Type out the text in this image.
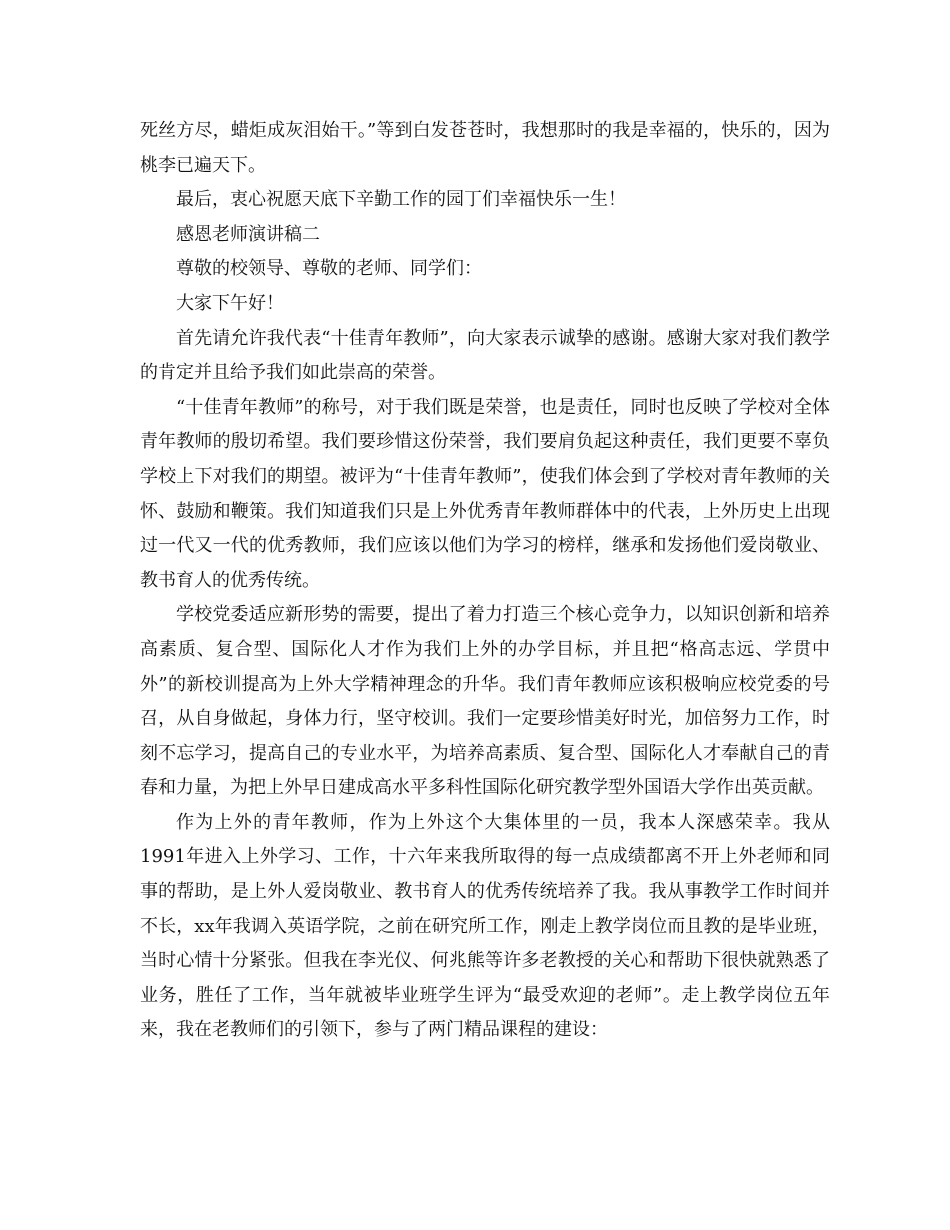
死丝方尽，蜡炬成灰泪始干。”等到白发苍苍时，我想那时的我是幸福的，快乐的，因为桃李已遍天下。

最后，衷心祝愿天底下辛勤工作的园丁们幸福快乐一生！

感恩老师演讲稿二

尊敬的校领导、尊敬的老师、同学们：

大家下午好！

首先请允许我代表“十佳青年教师”，向大家表示诚挚的感谢。感谢大家对我们教学的肯定并且给予我们如此崇高的荣誉。

“十佳青年教师”的称号，对于我们既是荣誉，也是责任，同时也反映了学校对全体青年教师的殷切希望。我们要珍惜这份荣誉，我们要肩负起这种责任，我们更要不辜负学校上下对我们的期望。被评为“十佳青年教师”，使我们体会到了学校对青年教师的关怀、鼓励和鞭策。我们知道我们只是上外优秀青年教师群体中的代表，上外历史上出现过一代又一代的优秀教师，我们应该以他们为学习的榜样，继承和发扬他们爱岗敬业、教书育人的优秀传统。

学校党委适应新形势的需要，提出了着力打造三个核心竞争力，以知识创新和培养高素质、复合型、国际化人才作为我们上外的办学目标，并且把“格高志远、学贯中外”的新校训提高为上外大学精神理念的升华。我们青年教师应该积极响应校党委的号召，从自身做起，身体力行，坚守校训。我们一定要珍惜美好时光，加倍努力工作，时刻不忘学习，提高自己的专业水平，为培养高素质、复合型、国际化人才奉献自己的青春和力量，为把上外早日建成高水平多科性国际化研究教学型外国语大学作出英贡献。

作为上外的青年教师，作为上外这个大集体里的一员，我本人深感荣幸。我从1991年进入上外学习、工作，十六年来我所取得的每一点成绩都离不开上外老师和同事的帮助，是上外人爱岗敬业、教书育人的优秀传统培养了我。我从事教学工作时间并不长，xx年我调入英语学院，之前在研究所工作，刚走上教学岗位而且教的是毕业班，当时心情十分紧张。但我在李光仪、何兆熊等许多老教授的关心和帮助下很快就熟悉了业务，胜任了工作，当年就被毕业班学生评为“最受欢迎的老师”。走上教学岗位五年来，我在老教师们的引领下，参与了两门精品课程的建设：
